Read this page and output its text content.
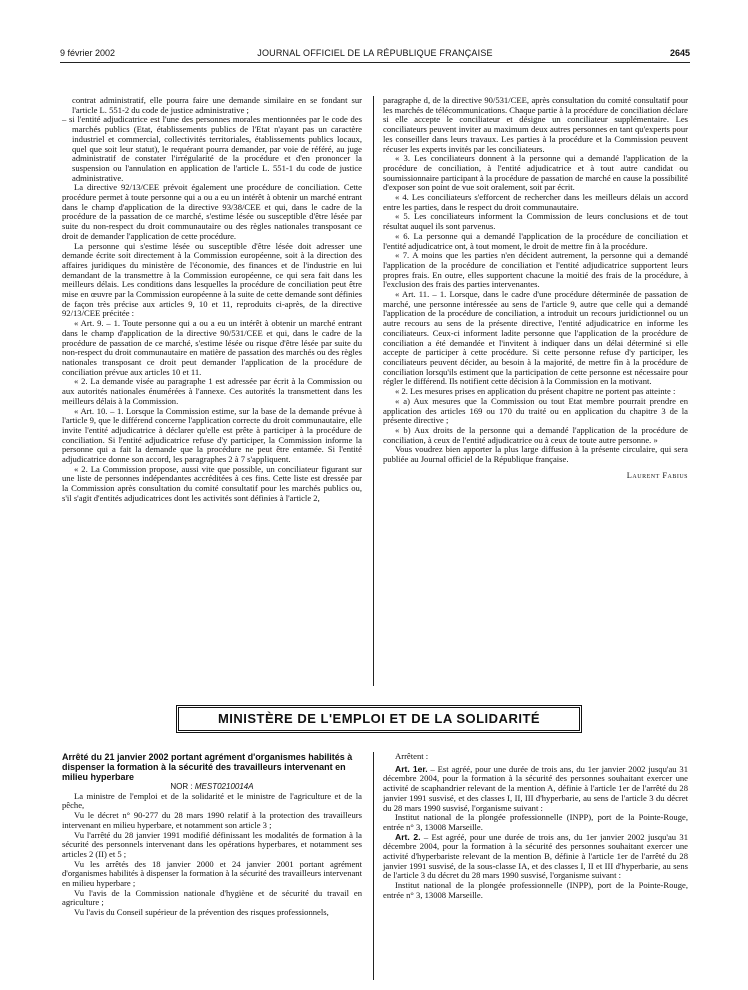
9 février 2002	JOURNAL OFFICIEL DE LA RÉPUBLIQUE FRANÇAISE	2645

contrat administratif, elle pourra faire une demande similaire en se fondant sur l'article L. 551-2 du code de justice administrative ;

– si l'entité adjudicatrice est l'une des personnes morales mentionnées par le code des marchés publics (Etat, établissements publics de l'Etat n'ayant pas un caractère industriel et commercial, collectivités territoriales, établissements publics locaux, quel que soit leur statut), le requérant pourra demander, par voie de référé, au juge administratif de constater l'irrégularité de la procédure et d'en prononcer la suspension ou l'annulation en application de l'article L. 551-1 du code de justice administrative.

La directive 92/13/CEE prévoit également une procédure de conciliation. Cette procédure permet à toute personne qui a ou a eu un intérêt à obtenir un marché entrant dans le champ d'application de la directive 93/38/CEE et qui, dans le cadre de la procédure de la passation de ce marché, s'estime lésée ou susceptible d'être lésée par suite du non-respect du droit communautaire ou des règles nationales transposant ce droit de demander l'application de cette procédure.

La personne qui s'estime lésée ou susceptible d'être lésée doit adresser une demande écrite soit directement à la Commission européenne, soit à la direction des affaires juridiques du ministère de l'économie, des finances et de l'industrie en lui demandant de la transmettre à la Commission européenne, ce qui sera fait dans les meilleurs délais. Les conditions dans lesquelles la procédure de conciliation peut être mise en œuvre par la Commission européenne à la suite de cette demande sont définies de façon très précise aux articles 9, 10 et 11, reproduits ci-après, de la directive 92/13/CEE précitée :

« Art. 9. – 1. Toute personne qui a ou a eu un intérêt à obtenir un marché entrant dans le champ d'application de la directive 90/531/CEE et qui, dans le cadre de la procédure de passation de ce marché, s'estime lésée ou risque d'être lésée par suite du non-respect du droit communautaire en matière de passation des marchés ou des règles nationales transposant ce droit peut demander l'application de la procédure de conciliation prévue aux articles 10 et 11.

« 2. La demande visée au paragraphe 1 est adressée par écrit à la Commission ou aux autorités nationales énumérées à l'annexe. Ces autorités la transmettent dans les meilleurs délais à la Commission.

« Art. 10. – 1. Lorsque la Commission estime, sur la base de la demande prévue à l'article 9, que le différend concerne l'application correcte du droit communautaire, elle invite l'entité adjudicatrice à déclarer qu'elle est prête à participer à la procédure de conciliation. Si l'entité adjudicatrice refuse d'y participer, la Commission informe la personne qui a fait la demande que la procédure ne peut être entamée. Si l'entité adjudicatrice donne son accord, les paragraphes 2 à 7 s'appliquent.

« 2. La Commission propose, aussi vite que possible, un conciliateur figurant sur une liste de personnes indépendantes accréditées à ces fins. Cette liste est dressée par la Commission après consultation du comité consultatif pour les marchés publics ou, s'il s'agit d'entités adjudicatrices dont les activités sont définies à l'article 2,

paragraphe d, de la directive 90/531/CEE, après consultation du comité consultatif pour les marchés de télécommunications. Chaque partie à la procédure de conciliation déclare si elle accepte le conciliateur et désigne un conciliateur supplémentaire. Les conciliateurs peuvent inviter au maximum deux autres personnes en tant qu'experts pour les conseiller dans leurs travaux. Les parties à la procédure et la Commission peuvent récuser les experts invités par les conciliateurs.

« 3. Les conciliateurs donnent à la personne qui a demandé l'application de la procédure de conciliation, à l'entité adjudicatrice et à tout autre candidat ou soumissionnaire participant à la procédure de passation de marché en cause la possibilité d'exposer son point de vue soit oralement, soit par écrit.

« 4. Les conciliateurs s'efforcent de rechercher dans les meilleurs délais un accord entre les parties, dans le respect du droit communautaire.

« 5. Les conciliateurs informent la Commission de leurs conclusions et de tout résultat auquel ils sont parvenus.

« 6. La personne qui a demandé l'application de la procédure de conciliation et l'entité adjudicatrice ont, à tout moment, le droit de mettre fin à la procédure.

« 7. A moins que les parties n'en décident autrement, la personne qui a demandé l'application de la procédure de conciliation et l'entité adjudicatrice supportent leurs propres frais. En outre, elles supportent chacune la moitié des frais de la procédure, à l'exclusion des frais des parties intervenantes.

« Art. 11. – 1. Lorsque, dans le cadre d'une procédure déterminée de passation de marché, une personne intéressée au sens de l'article 9, autre que celle qui a demandé l'application de la procédure de conciliation, a introduit un recours juridictionnel ou un autre recours au sens de la présente directive, l'entité adjudicatrice en informe les conciliateurs. Ceux-ci informent ladite personne que l'application de la procédure de conciliation a été demandée et l'invitent à indiquer dans un délai déterminé si elle accepte de participer à cette procédure. Si cette personne refuse d'y participer, les conciliateurs peuvent décider, au besoin à la majorité, de mettre fin à la procédure de conciliation lorsqu'ils estiment que la participation de cette personne est nécessaire pour régler le différend. Ils notifient cette décision à la Commission en la motivant.

« 2. Les mesures prises en application du présent chapitre ne portent pas atteinte :

« a) Aux mesures que la Commission ou tout Etat membre pourrait prendre en application des articles 169 ou 170 du traité ou en application du chapitre 3 de la présente directive ;

« b) Aux droits de la personne qui a demandé l'application de la procédure de conciliation, à ceux de l'entité adjudicatrice ou à ceux de toute autre personne. »

Vous voudrez bien apporter la plus large diffusion à la présente circulaire, qui sera publiée au Journal officiel de la République française.

Laurent Fabius

MINISTÈRE DE L'EMPLOI ET DE LA SOLIDARITÉ

Arrêté du 21 janvier 2002 portant agrément d'organismes habilités à dispenser la formation à la sécurité des travailleurs intervenant en milieu hyperbare

NOR : MESТ0210014A

La ministre de l'emploi et de la solidarité et le ministre de l'agriculture et de la pêche,

Vu le décret n° 90-277 du 28 mars 1990 relatif à la protection des travailleurs intervenant en milieu hyperbare, et notamment son article 3 ;

Vu l'arrêté du 28 janvier 1991 modifié définissant les modalités de formation à la sécurité des personnels intervenant dans les opérations hyperbares, et notamment ses articles 2 (II) et 5 ;

Vu les arrêtés des 18 janvier 2000 et 24 janvier 2001 portant agrément d'organismes habilités à dispenser la formation à la sécurité des travailleurs intervenant en milieu hyperbare ;

Vu l'avis de la Commission nationale d'hygiène et de sécurité du travail en agriculture ;

Vu l'avis du Conseil supérieur de la prévention des risques professionnels,

Arrêtent :

Art. 1er. – Est agréé, pour une durée de trois ans, du 1er janvier 2002 jusqu'au 31 décembre 2004, pour la formation à la sécurité des personnes souhaitant exercer une activité de scaphandrier relevant de la mention A, définie à l'article 1er de l'arrêté du 28 janvier 1991 susvisé, et des classes I, II, III d'hyperbarie, au sens de l'article 3 du décret du 28 mars 1990 susvisé, l'organisme suivant :

Institut national de la plongée professionnelle (INPP), port de la Pointe-Rouge, entrée n° 3, 13008 Marseille.

Art. 2. – Est agréé, pour une durée de trois ans, du 1er janvier 2002 jusqu'au 31 décembre 2004, pour la formation à la sécurité des personnes souhaitant exercer une activité d'hyperbariste relevant de la mention B, définie à l'article 1er de l'arrêté du 28 janvier 1991 susvisé, de la sous-classe IA, et des classes I, II et III d'hyperbarie, au sens de l'article 3 du décret du 28 mars 1990 susvisé, l'organisme suivant :

Institut national de la plongée professionnelle (INPP), port de la Pointe-Rouge, entrée n° 3, 13008 Marseille.
